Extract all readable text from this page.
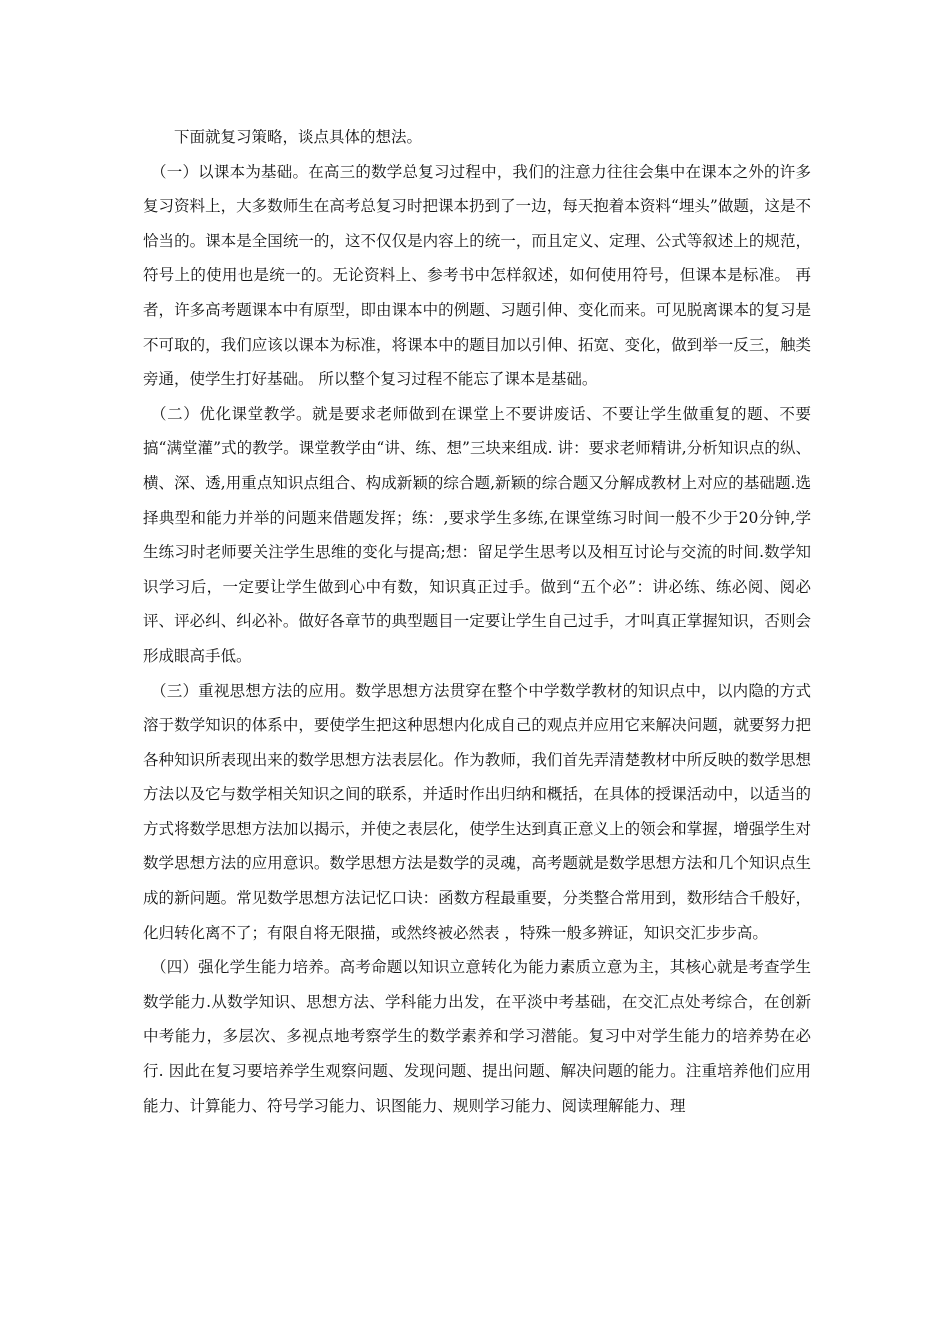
下面就复习策略，谈点具体的想法。

（一）以课本为基础。在高三的数学总复习过程中，我们的注意力往往会集中在课本之外的许多复习资料上，大多数师生在高考总复习时把课本扔到了一边，每天抱着本资料“埋头”做题，这是不恰当的。课本是全国统一的，这不仅仅是内容上的统一，而且定义、定理、公式等叙述上的规范，符号上的使用也是统一的。无论资料上、参考书中怎样叙述，如何使用符号，但课本是标准。 再者，许多高考题课本中有原型，即由课本中的例题、习题引伸、变化而来。可见脱离课本的复习是不可取的，我们应该以课本为标准，将课本中的题目加以引伸、拓宽、变化，做到举一反三，触类旁通，使学生打好基础。 所以整个复习过程不能忘了课本是基础。

（二）优化课堂教学。就是要求老师做到在课堂上不要讲废话、不要让学生做重复的题、不要搞“满堂灌”式的教学。课堂教学由“讲、练、想”三块来组成. 讲：要求老师精讲,分析知识点的纵、横、深、透,用重点知识点组合、构成新颖的综合题,新颖的综合题又分解成教材上对应的基础题.选择典型和能力并举的问题来借题发挥；练：,要求学生多练,在课堂练习时间一般不少于20分钟,学生练习时老师要关注学生思维的变化与提高;想：留足学生思考以及相互讨论与交流的时间.数学知识学习后，一定要让学生做到心中有数，知识真正过手。做到“五个必”：讲必练、练必阅、阅必评、评必纠、纠必补。做好各章节的典型题目一定要让学生自己过手，才叫真正掌握知识，否则会形成眼高手低。

（三）重视思想方法的应用。数学思想方法贯穿在整个中学数学教材的知识点中，以内隐的方式溶于数学知识的体系中，要使学生把这种思想内化成自己的观点并应用它来解决问题，就要努力把各种知识所表现出来的数学思想方法表层化。作为教师，我们首先弄清楚教材中所反映的数学思想方法以及它与数学相关知识之间的联系，并适时作出归纳和概括，在具体的授课活动中，以适当的方式将数学思想方法加以揭示，并使之表层化，使学生达到真正意义上的领会和掌握，增强学生对数学思想方法的应用意识。数学思想方法是数学的灵魂，高考题就是数学思想方法和几个知识点生成的新问题。常见数学思想方法记忆口诀：函数方程最重要，分类整合常用到，数形结合千般好，化归转化离不了；有限自将无限描，或然终被必然表 ，特殊一般多辨证，知识交汇步步高。

（四）强化学生能力培养。高考命题以知识立意转化为能力素质立意为主，其核心就是考查学生数学能力.从数学知识、思想方法、学科能力出发，在平淡中考基础，在交汇点处考综合，在创新中考能力，多层次、多视点地考察学生的数学素养和学习潜能。复习中对学生能力的培养势在必行. 因此在复习要培养学生观察问题、发现问题、提出问题、解决问题的能力。注重培养他们应用能力、计算能力、符号学习能力、识图能力、规则学习能力、阅读理解能力、理
